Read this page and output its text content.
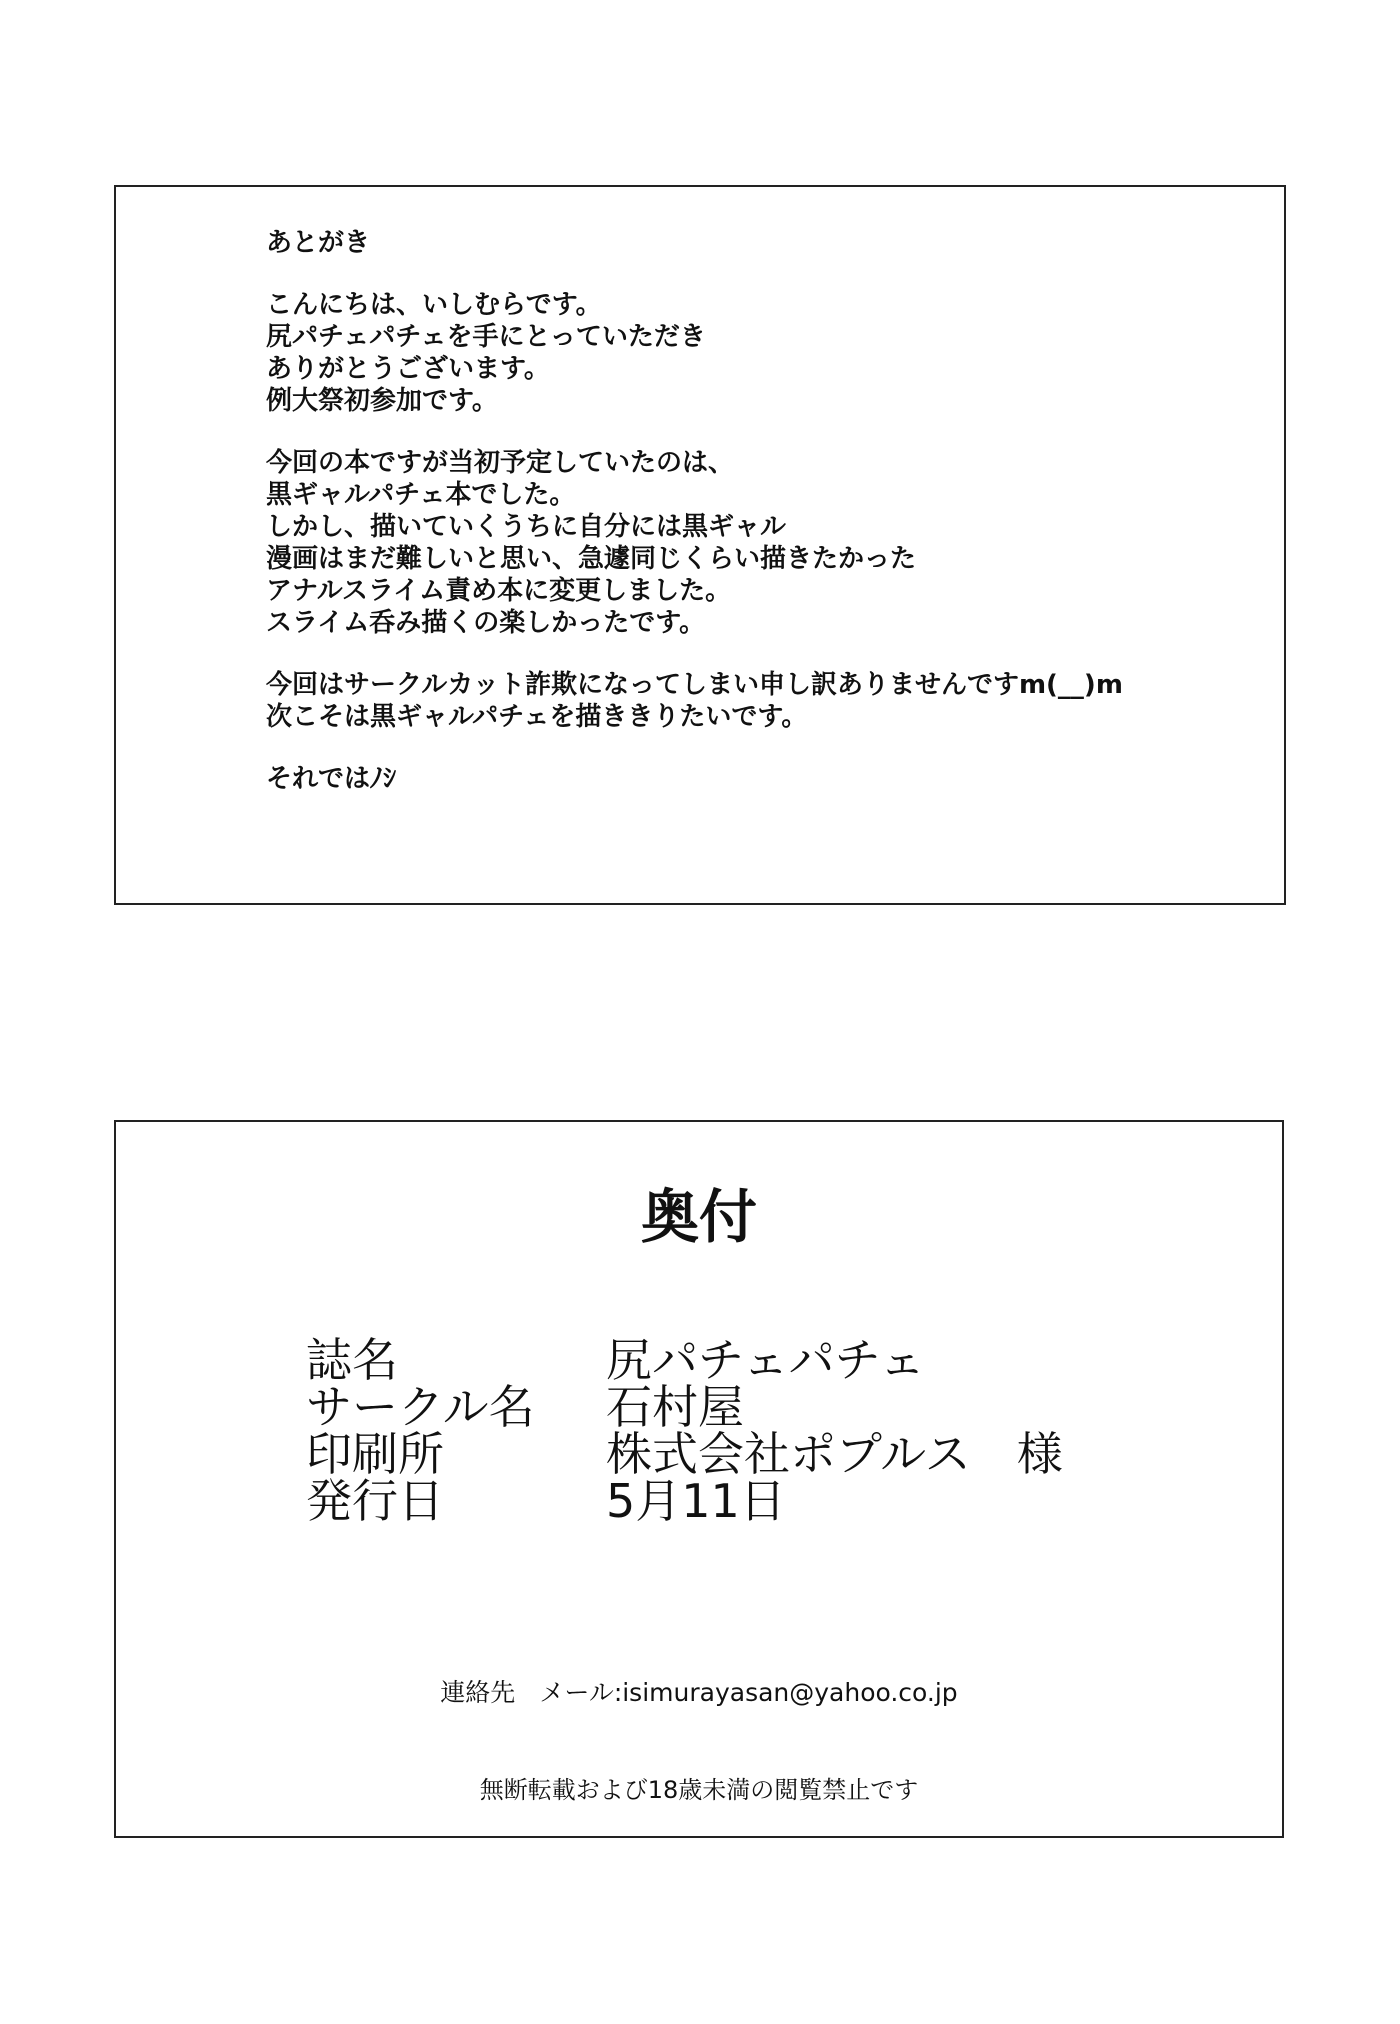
あとがき
こんにちは、いしむらです。
尻パチェパチェを手にとっていただき
ありがとうございます。
例大祭初参加です。
今回の本ですが当初予定していたのは、
黒ギャルパチェ本でした。
しかし、描いていくうちに自分には黒ギャル
漫画はまだ難しいと思い、急遽同じくらい描きたかった
アナルスライム責め本に変更しました。
スライム呑み描くの楽しかったです。
今回はサークルカット詐欺になってしまい申し訳ありませんですm(__)m
次こそは黒ギャルパチェを描ききりたいです。
それではﾉｼ
奥付
誌名	尻パチェパチェ
サークル名	石村屋
印刷所	株式会社ポプルス　様
発行日	5月11日
連絡先 メール:isimurayasan@yahoo.co.jp
無断転載および18歳未満の閲覧禁止です
